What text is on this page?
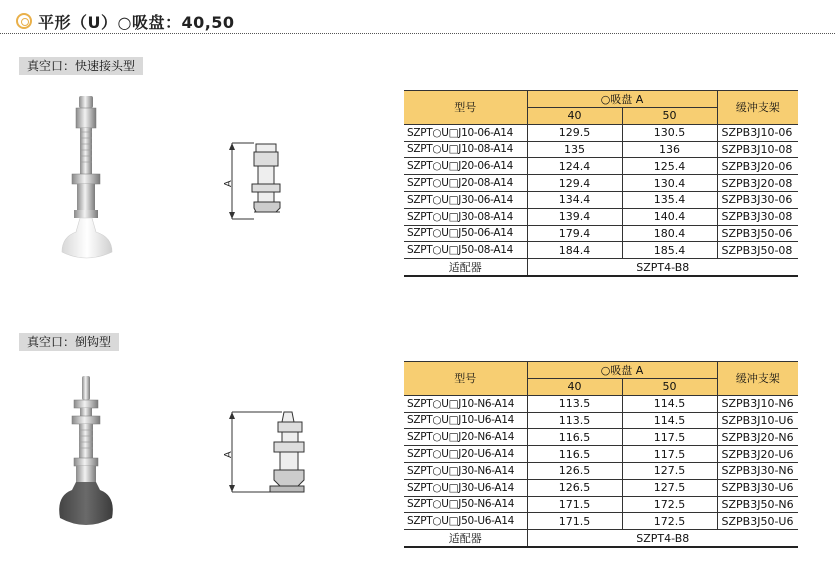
平形（U）○吸盘：40,50
真空口：快速接头型
A
型号	○吸盘 A		缓冲支架
	40	50	
SZPT○U□J10-06-A14	129.5	130.5	SZPB3J10-06
SZPT○U□J10-08-A14	135	136	SZPB3J10-08
SZPT○U□J20-06-A14	124.4	125.4	SZPB3J20-06
SZPT○U□J20-08-A14	129.4	130.4	SZPB3J20-08
SZPT○U□J30-06-A14	134.4	135.4	SZPB3J30-06
SZPT○U□J30-08-A14	139.4	140.4	SZPB3J30-08
SZPT○U□J50-06-A14	179.4	180.4	SZPB3J50-06
SZPT○U□J50-08-A14	184.4	185.4	SZPB3J50-08
适配器	SZPT4-B8		
真空口：倒钩型
A
型号	○吸盘 A		缓冲支架
	40	50	
SZPT○U□J10-N6-A14	113.5	114.5	SZPB3J10-N6
SZPT○U□J10-U6-A14	113.5	114.5	SZPB3J10-U6
SZPT○U□J20-N6-A14	116.5	117.5	SZPB3J20-N6
SZPT○U□J20-U6-A14	116.5	117.5	SZPB3J20-U6
SZPT○U□J30-N6-A14	126.5	127.5	SZPB3J30-N6
SZPT○U□J30-U6-A14	126.5	127.5	SZPB3J30-U6
SZPT○U□J50-N6-A14	171.5	172.5	SZPB3J50-N6
SZPT○U□J50-U6-A14	171.5	172.5	SZPB3J50-U6
适配器	SZPT4-B8		
